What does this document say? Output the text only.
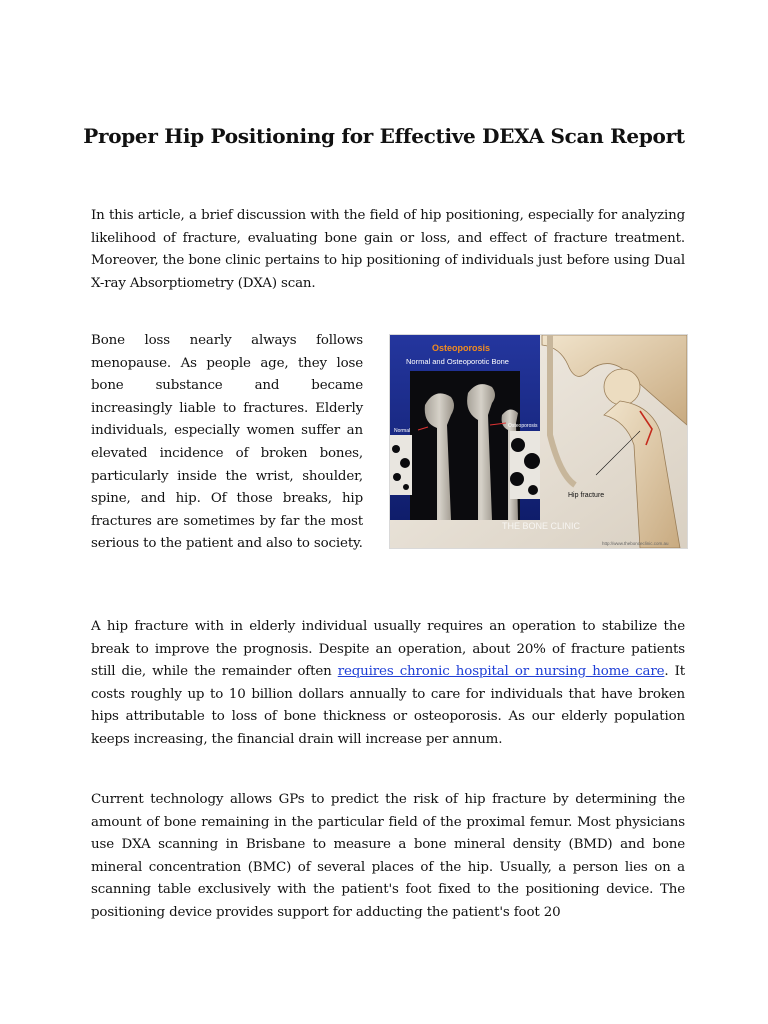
Proper Hip Positioning for Effective DEXA Scan Report

In this article, a brief discussion with the field of hip positioning, especially for analyzing likelihood of fracture, evaluating bone gain or loss, and effect of fracture treatment. Moreover, the bone clinic pertains to hip positioning of individuals just before using Dual X-ray Absorptiometry (DXA) scan.

Bone loss nearly always follows menopause. As people age, they lose bone substance and became increasingly liable to fractures. Elderly individuals, especially women suffer an elevated incidence of broken bones, particularly inside the wrist, shoulder, spine, and hip. Of those breaks, hip fractures are sometimes by far the most serious to the patient and also to society.

Osteoporosis
Normal and Osteoporotic Bone
Normal
Osteoporosis
Hip fracture
THE BONE CLINIC
http://www.thebonceclinic.com.au

A hip fracture with in elderly individual usually requires an operation to stabilize the break to improve the prognosis. Despite an operation, about 20% of fracture patients still die, while the remainder often requires chronic hospital or nursing home care. It costs roughly up to 10 billion dollars annually to care for individuals that have broken hips attributable to loss of bone thickness or osteoporosis. As our elderly population keeps increasing, the financial drain will increase per annum.

Current technology allows GPs to predict the risk of hip fracture by determining the amount of bone remaining in the particular field of the proximal femur. Most physicians use DXA scanning in Brisbane to measure a bone mineral density (BMD) and bone mineral concentration (BMC) of several places of the hip. Usually, a person lies on a scanning table exclusively with the patient's foot fixed to the positioning device. The positioning device provides support for adducting the patient's foot 20
